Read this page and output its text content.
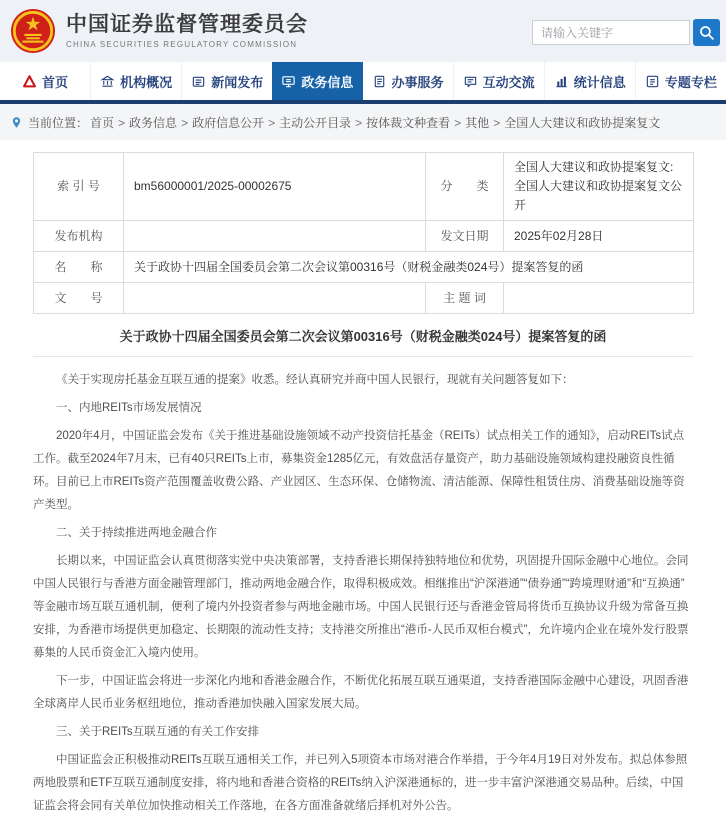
中国证券监督管理委员会
CHINA SECURITIES REGULATORY COMMISSION
请输入关键字
首页	机构概况	新闻发布	政务信息	办事服务	互动交流	统计信息	专题专栏
当前位置： 首页 > 政务信息 > 政府信息公开 > 主动公开目录 > 按体裁文种查看 > 其他 > 全国人大建议和政协提案复文
索 引 号	bm56000001/2025-00002675	分　　类	全国人大建议和政协提案复文:全国人大建议和政协提案复文公开
发布机构		发文日期	2025年02月28日
名　　称	关于政协十四届全国委员会第二次会议第00316号（财税金融类024号）提案答复的函		
文　　号		主 题 词	
关于政协十四届全国委员会第二次会议第00316号（财税金融类024号）提案答复的函

《关于实现房托基金互联互通的提案》收悉。经认真研究并商中国人民银行，现就有关问题答复如下：

一、内地REITs市场发展情况

2020年4月，中国证监会发布《关于推进基础设施领域不动产投资信托基金（REITs）试点相关工作的通知》，启动REITs试点工作。截至2024年7月末，已有40只REITs上市，募集资金1285亿元，有效盘活存量资产，助力基础设施领域构建投融资良性循环。目前已上市REITs资产范围覆盖收费公路、产业园区、生态环保、仓储物流、清洁能源、保障性租赁住房、消费基础设施等资产类型。

二、关于持续推进两地金融合作

长期以来，中国证监会认真贯彻落实党中央决策部署，支持香港长期保持独特地位和优势，巩固提升国际金融中心地位。会同中国人民银行与香港方面金融管理部门，推动两地金融合作，取得积极成效。相继推出“沪深港通”“债券通”“跨境理财通”和“互换通”等金融市场互联互通机制，便利了境内外投资者参与两地金融市场。中国人民银行还与香港金管局将货币互换协议升级为常备互换安排，为香港市场提供更加稳定、长期限的流动性支持；支持港交所推出“港币-人民币双柜台模式”，允许境内企业在境外发行股票募集的人民币资金汇入境内使用。

下一步，中国证监会将进一步深化内地和香港金融合作，不断优化拓展互联互通渠道，支持香港国际金融中心建设，巩固香港全球离岸人民币业务枢纽地位，推动香港加快融入国家发展大局。

三、关于REITs互联互通的有关工作安排

中国证监会正积极推动REITs互联互通相关工作，并已列入5项资本市场对港合作举措，于今年4月19日对外发布。拟总体参照两地股票和ETF互联互通制度安排，将内地和香港合资格的REITs纳入沪深港通标的，进一步丰富沪深港通交易品种。后续，中国证监会将会同有关单位加快推动相关工作落地，在各方面准备就绪后择机对外公告。
